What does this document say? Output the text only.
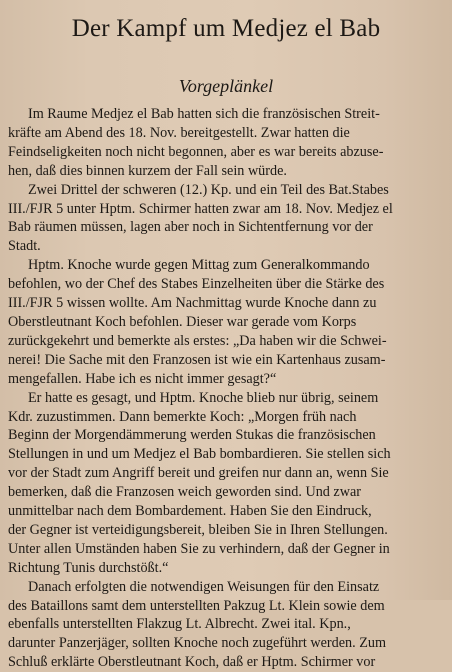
Der Kampf um Medjez el Bab
Vorgeplänkel

Im Raume Medjez el Bab hatten sich die französischen Streit-
kräfte am Abend des 18. Nov. bereitgestellt. Zwar hatten die
Feindseligkeiten noch nicht begonnen, aber es war bereits abzuse-
hen, daß dies binnen kurzem der Fall sein würde.

Zwei Drittel der schweren (12.) Kp. und ein Teil des Bat.Stabes
III./FJR 5 unter Hptm. Schirmer hatten zwar am 18. Nov. Medjez el
Bab räumen müssen, lagen aber noch in Sichtentfernung vor der
Stadt.

Hptm. Knoche wurde gegen Mittag zum Generalkommando
befohlen, wo der Chef des Stabes Einzelheiten über die Stärke des
III./FJR 5 wissen wollte. Am Nachmittag wurde Knoche dann zu
Oberstleutnant Koch befohlen. Dieser war gerade vom Korps
zurückgekehrt und bemerkte als erstes: „Da haben wir die Schwei-
nerei! Die Sache mit den Franzosen ist wie ein Kartenhaus zusam-
mengefallen. Habe ich es nicht immer gesagt?“

Er hatte es gesagt, und Hptm. Knoche blieb nur übrig, seinem
Kdr. zuzustimmen. Dann bemerkte Koch: „Morgen früh nach
Beginn der Morgendämmerung werden Stukas die französischen
Stellungen in und um Medjez el Bab bombardieren. Sie stellen sich
vor der Stadt zum Angriff bereit und greifen nur dann an, wenn Sie
bemerken, daß die Franzosen weich geworden sind. Und zwar
unmittelbar nach dem Bombardement. Haben Sie den Eindruck,
der Gegner ist verteidigungsbereit, bleiben Sie in Ihren Stellungen.
Unter allen Umständen haben Sie zu verhindern, daß der Gegner in
Richtung Tunis durchstößt.“

Danach erfolgten die notwendigen Weisungen für den Einsatz
des Bataillons samt dem unterstellten Pakzug Lt. Klein sowie dem
ebenfalls unterstellten Flakzug Lt. Albrecht. Zwei ital. Kpn.,
darunter Panzerjäger, sollten Knoche noch zugeführt werden. Zum
Schluß erklärte Oberstleutnant Koch, daß er Hptm. Schirmer vor
